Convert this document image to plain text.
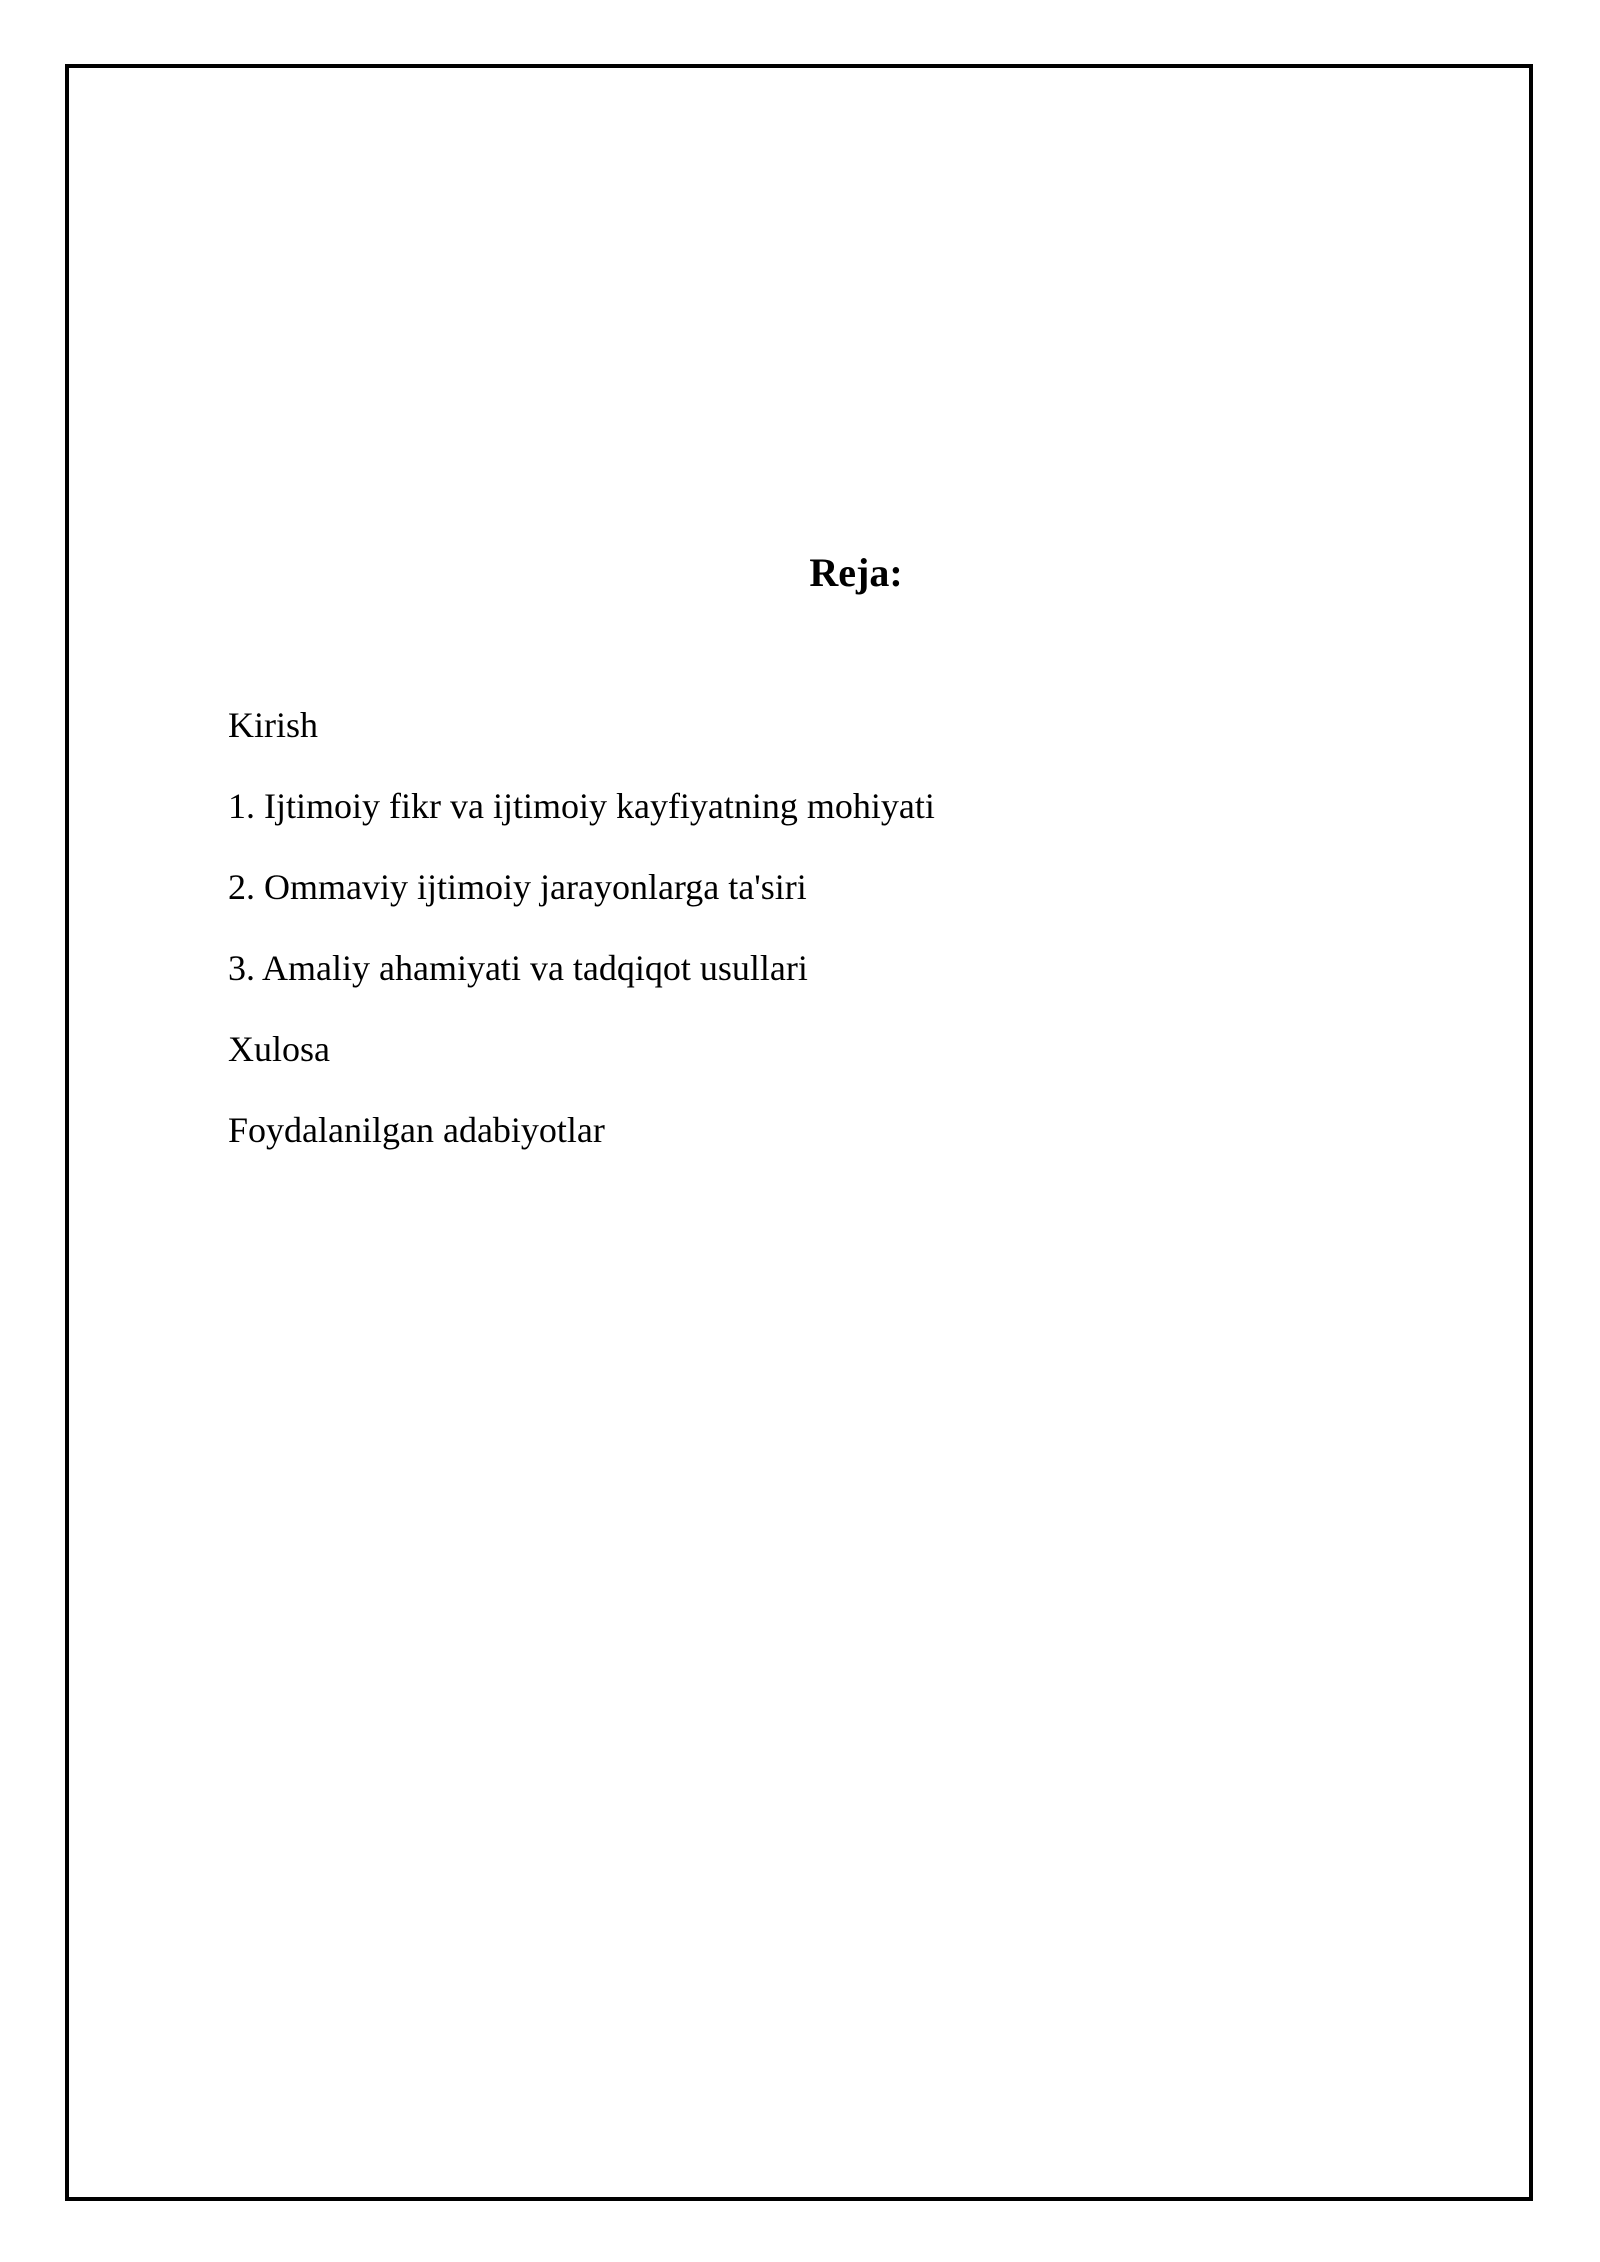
Reja:
Kirish
1. Ijtimoiy fikr va ijtimoiy kayfiyatning mohiyati
2. Ommaviy ijtimoiy jarayonlarga ta'siri
3. Amaliy ahamiyati va tadqiqot usullari
Xulosa
Foydalanilgan adabiyotlar
